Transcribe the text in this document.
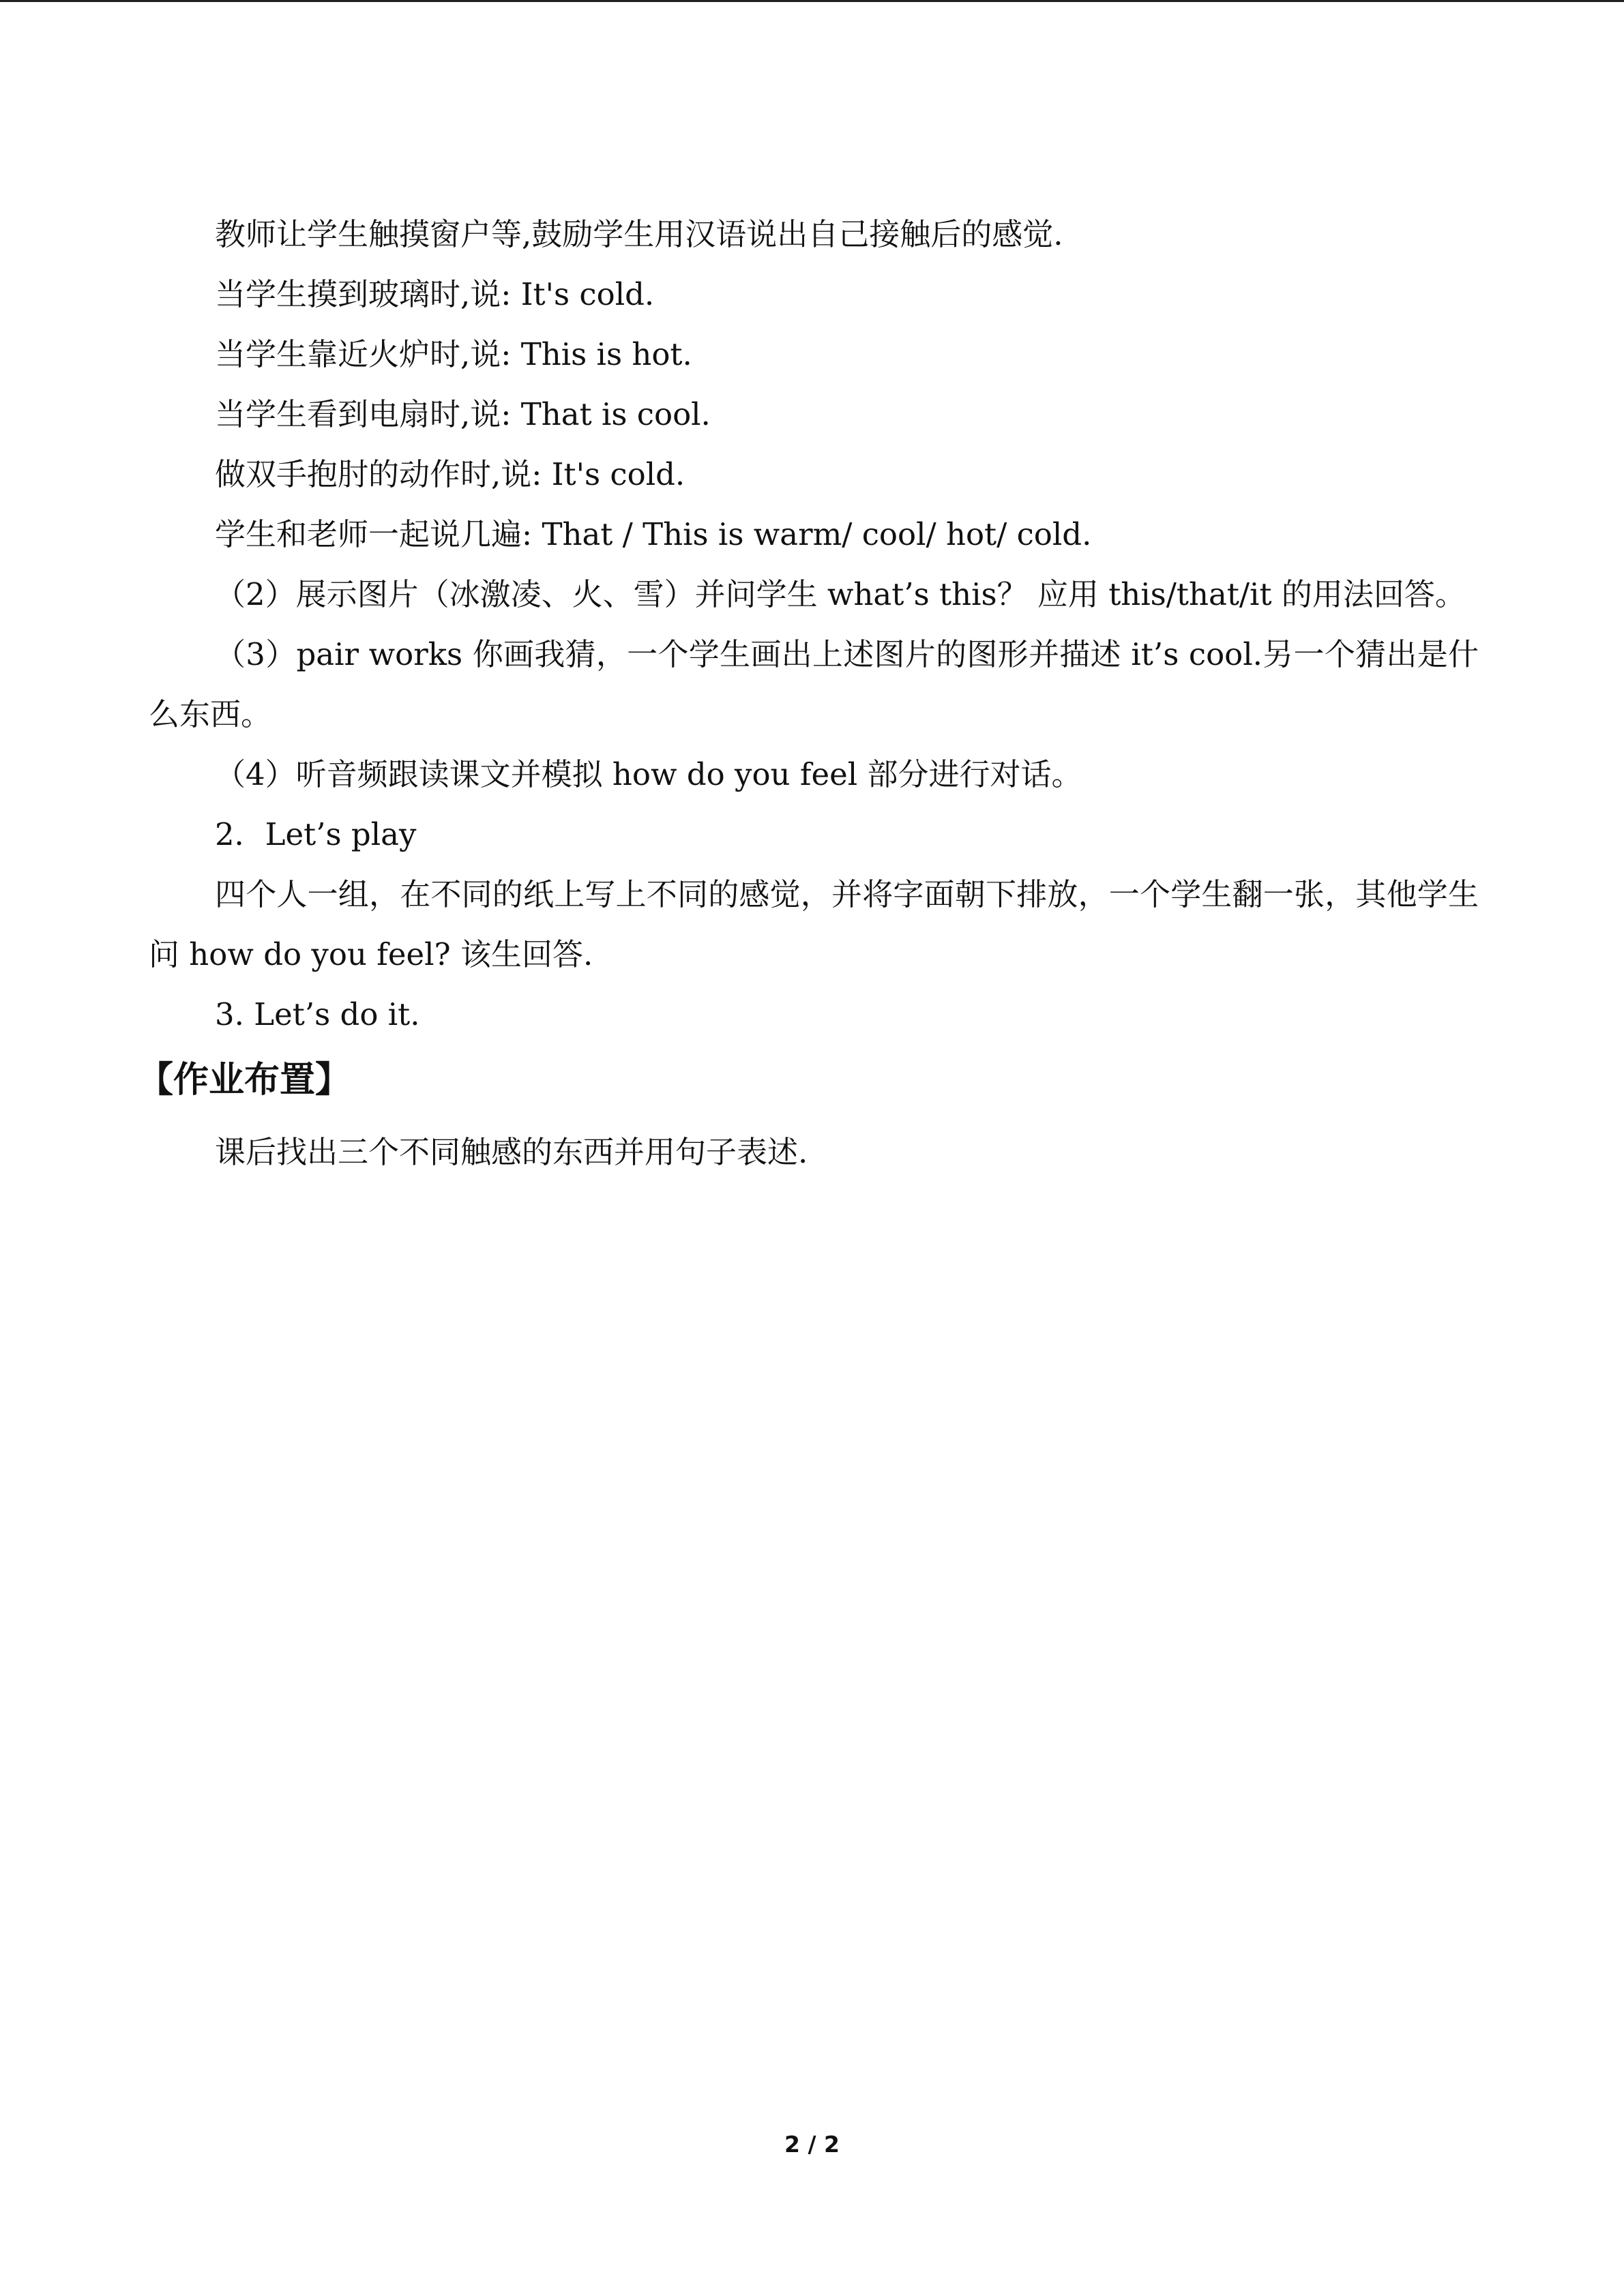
教师让学生触摸窗户等,鼓励学生用汉语说出自己接触后的感觉.

当学生摸到玻璃时,说: It's cold.

当学生靠近火炉时,说: This is hot.

当学生看到电扇时,说: That is cool.

做双手抱肘的动作时,说: It's cold.

学生和老师一起说几遍: That / This is warm/ cool/ hot/ cold.

（2）展示图片（冰激凌、火、雪）并问学生 what’s this？ 应用 this/that/it 的用法回答。

（3）pair works 你画我猜，一个学生画出上述图片的图形并描述 it’s cool.另一个猜出是什么东西。

（4）听音频跟读课文并模拟 how do you feel 部分进行对话。

2．Let’s play

四个人一组，在不同的纸上写上不同的感觉，并将字面朝下排放，一个学生翻一张，其他学生问 how do you feel? 该生回答.

3. Let’s do it.

【作业布置】

课后找出三个不同触感的东西并用句子表述.

2 / 2
